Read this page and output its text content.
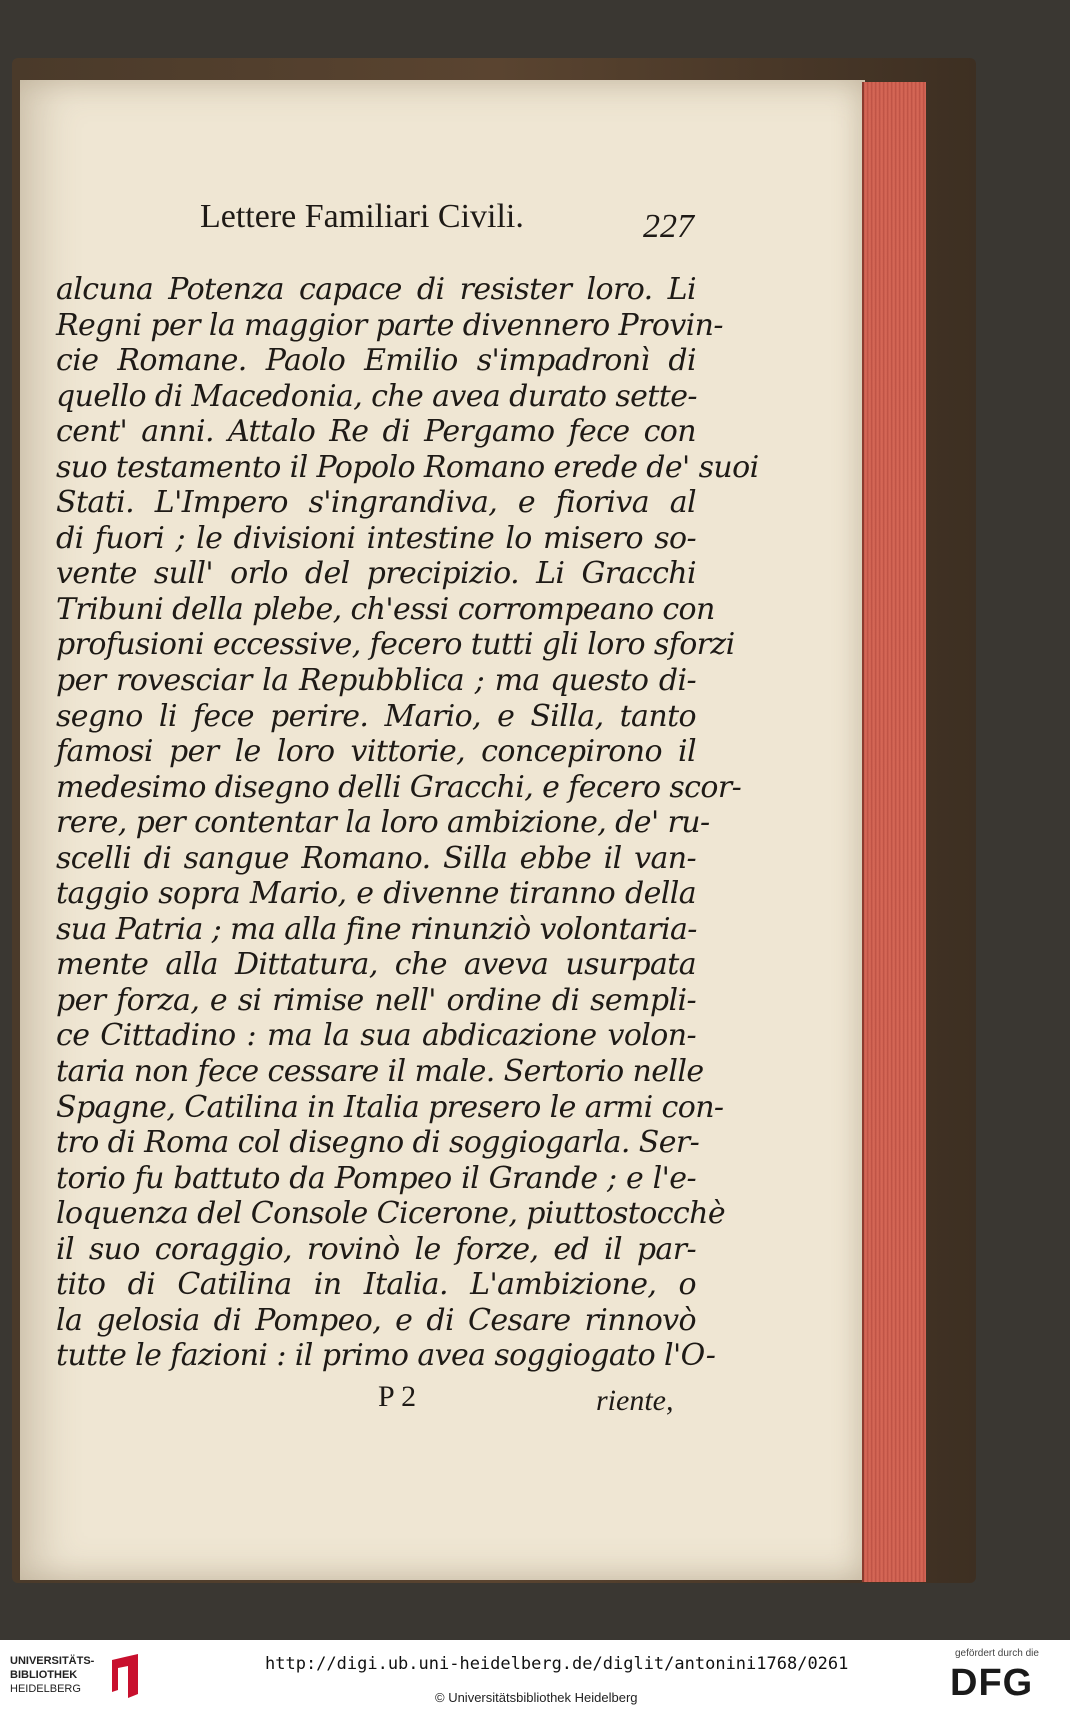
Lettere Familiari Civili.	227
alcuna Potenza capace di resister loro. Li
Regni per la maggior parte divennero Provin-
cie Romane. Paolo Emilio s'impadronì di
quello di Macedonia, che avea durato sette-
cent' anni. Attalo Re di Pergamo fece con
suo testamento il Popolo Romano erede de' suoi
Stati. L'Impero s'ingrandiva, e fioriva al
di fuori ; le divisioni intestine lo misero so-
vente sull' orlo del precipizio. Li Gracchi
Tribuni della plebe, ch'essi corrompeano con
profusioni eccessive, fecero tutti gli loro sforzi
per rovesciar la Repubblica ; ma questo di-
segno li fece perire. Mario, e Silla, tanto
famosi per le loro vittorie, concepirono il
medesimo disegno delli Gracchi, e fecero scor-
rere, per contentar la loro ambizione, de' ru-
scelli di sangue Romano. Silla ebbe il van-
taggio sopra Mario, e divenne tiranno della
sua Patria ; ma alla fine rinunziò volontaria-
mente alla Dittatura, che aveva usurpata
per forza, e si rimise nell' ordine di sempli-
ce Cittadino : ma la sua abdicazione volon-
taria non fece cessare il male. Sertorio nelle
Spagne, Catilina in Italia presero le armi con-
tro di Roma col disegno di soggiogarla. Ser-
torio fu battuto da Pompeo il Grande ; e l'e-
loquenza del Console Cicerone, piuttostocchè
il suo coraggio, rovinò le forze, ed il par-
tito di Catilina in Italia. L'ambizione, o
la gelosia di Pompeo, e di Cesare rinnovò
tutte le fazioni : il primo avea soggiogato l'O-
P 2	riente,
UNIVERSITÄTS-
BIBLIOTHEK
HEIDELBERG
http://digi.ub.uni-heidelberg.de/diglit/antonini1768/0261
© Universitätsbibliothek Heidelberg
gefördert durch die
DFG
